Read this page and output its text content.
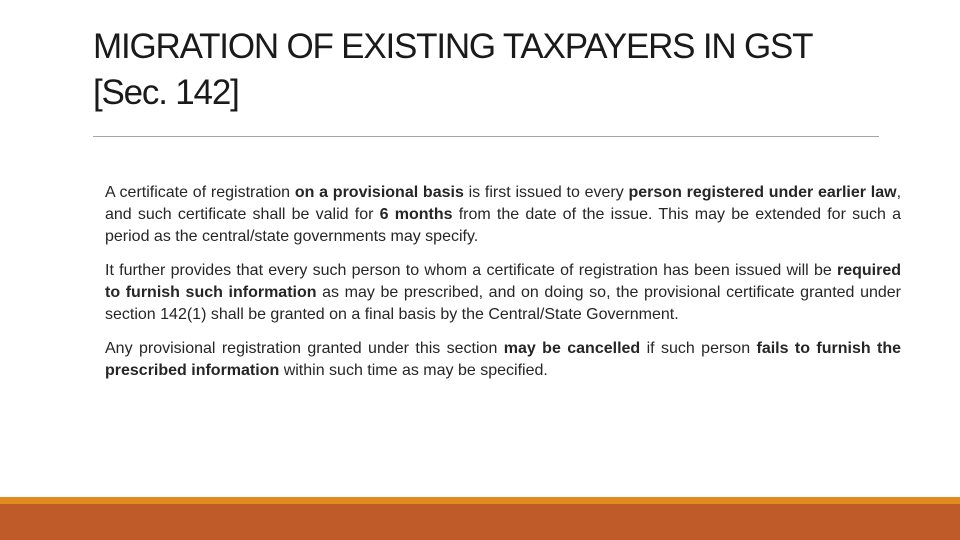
MIGRATION OF EXISTING TAXPAYERS IN GST
[Sec. 142]

A certificate of registration on a provisional basis is first issued to every person registered under earlier law, and such certificate shall be valid for 6 months from the date of the issue. This may be extended for such a period as the central/state governments may specify.

It further provides that every such person to whom a certificate of registration has been issued will be required to furnish such information as may be prescribed, and on doing so, the provisional certificate granted under section 142(1) shall be granted on a final basis by the Central/State Government.

Any provisional registration granted under this section may be cancelled if such person fails to furnish the prescribed information within such time as may be specified.
